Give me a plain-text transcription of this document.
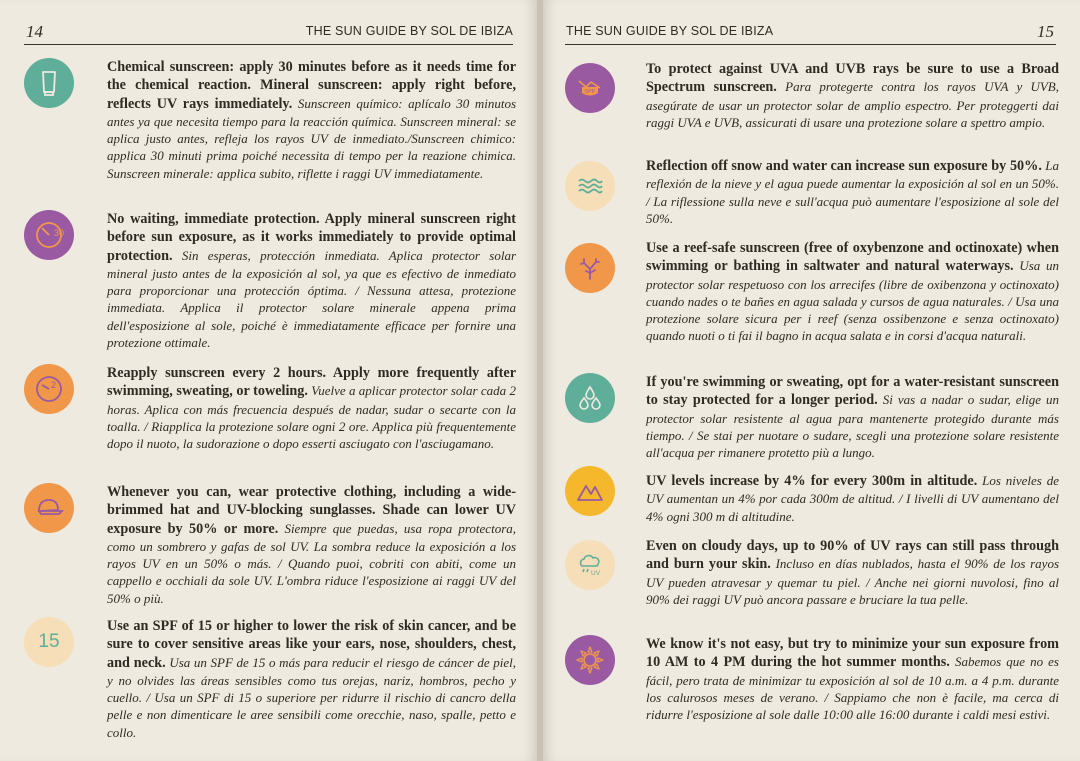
14	THE SUN GUIDE BY SOL DE IBIZA
Chemical sunscreen: apply 30 minutes before as it needs time for the chemical reaction. Mineral sunscreen: apply right before, reflects UV rays immediately. Sunscreen químico: aplícalo 30 minutos antes ya que necesita tiempo para la reacción química. Sunscreen mineral: se aplica justo antes, refleja los rayos UV de inmediato./Sunscreen chimico: applica 30 minuti prima poiché necessita di tempo per la reazione chimica. Sunscreen minerale: applica subito, riflette i raggi UV immediatamente.
30
No waiting, immediate protection. Apply mineral sunscreen right before sun exposure, as it works immediately to provide optimal protection. Sin esperas, protección inmediata. Aplica protector solar mineral justo antes de la exposición al sol, ya que es efectivo de inmediato para proporcionar una protección óptima. / Nessuna attesa, protezione immediata. Applica il protector solare minerale appena prima dell'esposizione al sole, poiché è immediatamente efficace per fornire una protezione ottimale.
2
Reapply sunscreen every 2 hours. Apply more frequently after swimming, sweating, or toweling. Vuelve a aplicar protector solar cada 2 horas. Aplica con más frecuencia después de nadar, sudar o secarte con la toalla. / Riapplica la protezione solare ogni 2 ore. Applica più frequentemente dopo il nuoto, la sudorazione o dopo esserti asciugato con l'asciugamano.
Whenever you can, wear protective clothing, including a wide-brimmed hat and UV-blocking sunglasses. Shade can lower UV exposure by 50% or more. Siempre que puedas, usa ropa protectora, como un sombrero y gafas de sol UV. La sombra reduce la exposición a los rayos UV en un 50% o más. / Quando puoi, cobriti con abiti, come un cappello e occhiali da sole UV. L'ombra riduce l'esposizione ai raggi UV del 50% o più.
15
Use an SPF of 15 or higher to lower the risk of skin cancer, and be sure to cover sensitive areas like your ears, nose, shoulders, chest, and neck. Usa un SPF de 15 o más para reducir el riesgo de cáncer de piel, y no olvides las áreas sensibles como tus orejas, nariz, hombros, pecho y cuello. / Usa un SPF di 15 o superiore per ridurre il rischio di cancro della pelle e non dimenticare le aree sensibili come orecchie, naso, spalle, petto e collo.
THE SUN GUIDE BY SOL DE IBIZA	15
SPF
To protect against UVA and UVB rays be sure to use a Broad Spectrum sunscreen. Para protegerte contra los rayos UVA y UVB, asegúrate de usar un protector solar de amplio espectro. Per proteggerti dai raggi UVA e UVB, assicurati di usare una protezione solare a spettro ampio.
Reflection off snow and water can increase sun exposure by 50%. La reflexión de la nieve y el agua puede aumentar la exposición al sol en un 50%. / La riflessione sulla neve e sull'acqua può aumentare l'esposizione al sole del 50%.
Use a reef-safe sunscreen (free of oxybenzone and octinoxate) when swimming or bathing in saltwater and natural waterways. Usa un protector solar respetuoso con los arrecifes (libre de oxibenzona y octinoxato) cuando nades o te bañes en agua salada y cursos de agua naturales. / Usa una protezione solare sicura per i reef (senza ossibenzone e senza octinoxato) quando nuoti o ti fai il bagno in acqua salata e in corsi d'acqua naturali.
If you're swimming or sweating, opt for a water-resistant sunscreen to stay protected for a longer period. Si vas a nadar o sudar, elige un protector solar resistente al agua para mantenerte protegido durante más tiempo. / Se stai per nuotare o sudare, scegli una protezione solare resistente all'acqua per rimanere protetto più a lungo.
UV levels increase by 4% for every 300m in altitude. Los niveles de UV aumentan un 4% por cada 300m de altitud. / I livelli di UV aumentano del 4% ogni 300 m di altitudine.
UV
Even on cloudy days, up to 90% of UV rays can still pass through and burn your skin. Incluso en días nublados, hasta el 90% de los rayos UV pueden atravesar y quemar tu piel. / Anche nei giorni nuvolosi, fino al 90% dei raggi UV può ancora passare e bruciare la tua pelle.
We know it's not easy, but try to minimize your sun exposure from 10 AM to 4 PM during the hot summer months. Sabemos que no es fácil, pero trata de minimizar tu exposición al sol de 10 a.m. a 4 p.m. durante los calurosos meses de verano. / Sappiamo che non è facile, ma cerca di ridurre l'esposizione al sole dalle 10:00 alle 16:00 durante i caldi mesi estivi.
